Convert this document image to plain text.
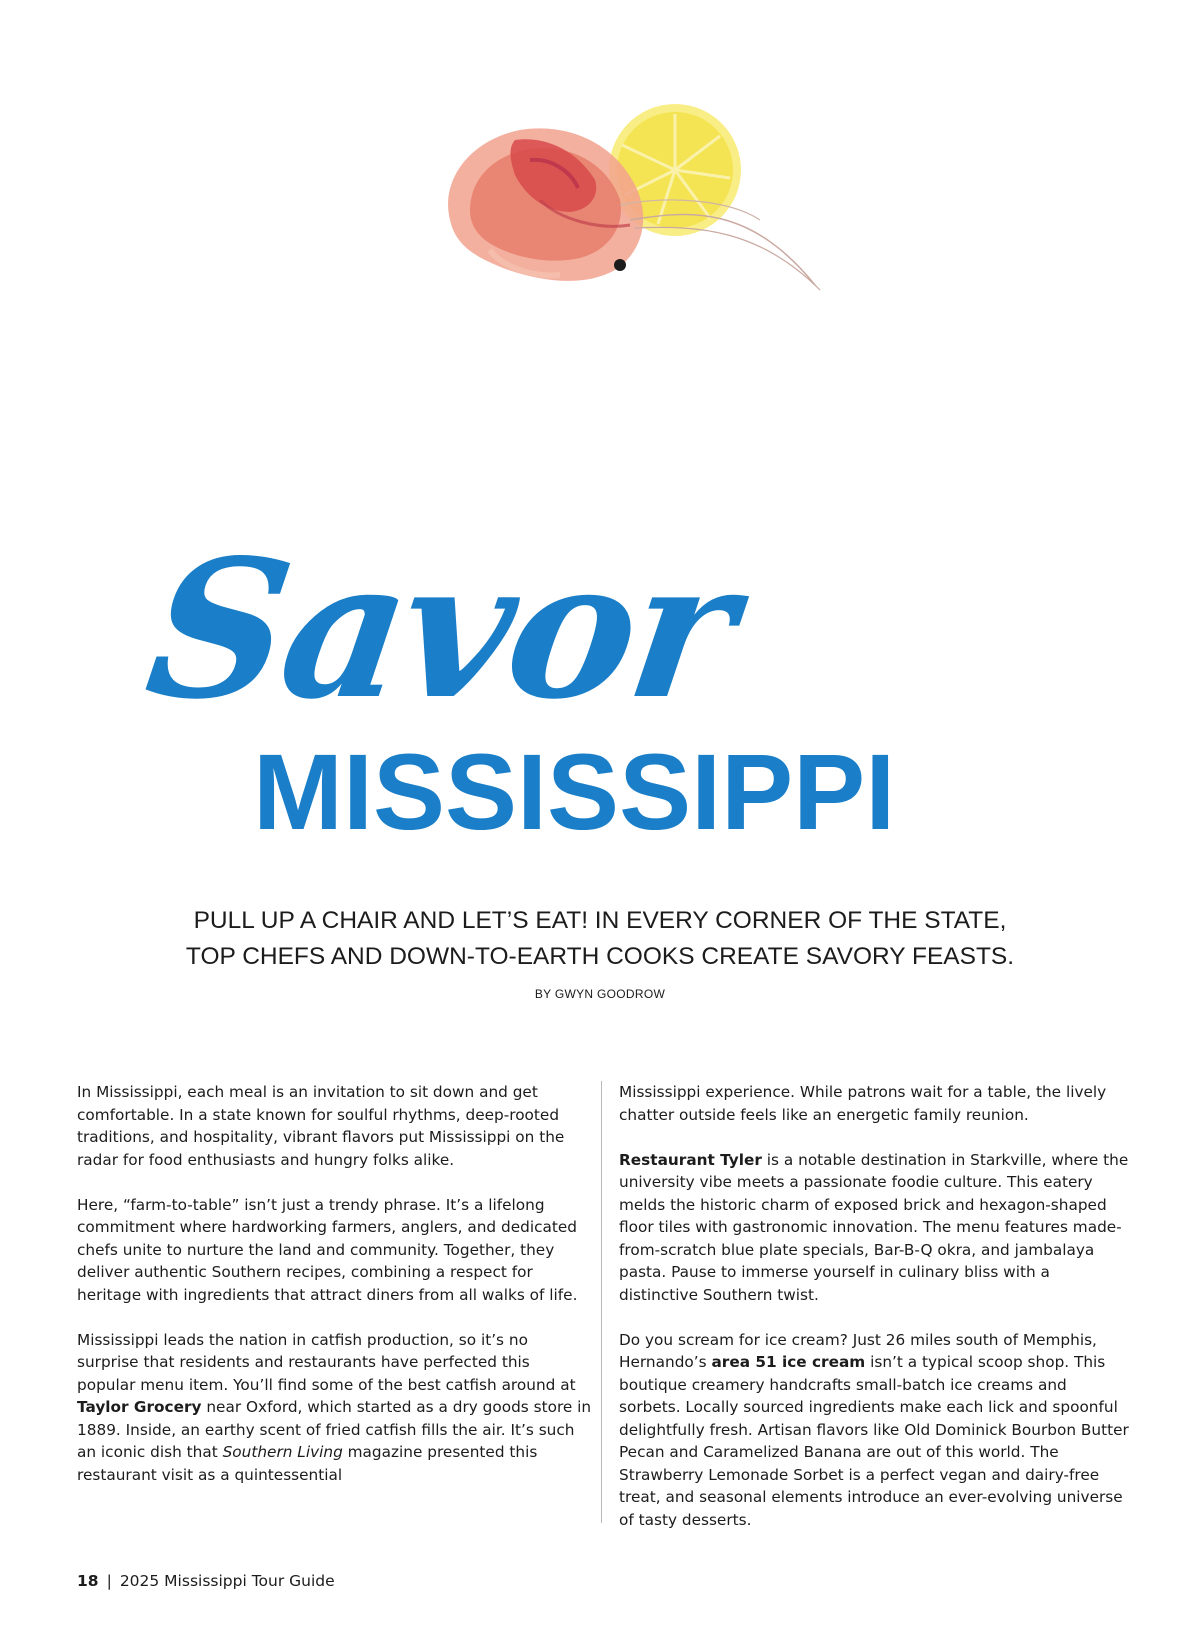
Savor
MISSISSIPPI
PULL UP A CHAIR AND LET’S EAT! IN EVERY CORNER OF THE STATE,
TOP CHEFS AND DOWN-TO-EARTH COOKS CREATE SAVORY FEASTS.
BY GWYN GOODROW

In Mississippi, each meal is an invitation to sit down and get comfortable. In a state known for soulful rhythms, deep-rooted traditions, and hospitality, vibrant flavors put Mississippi on the radar for food enthusiasts and hungry folks alike.

Here, “farm-to-table” isn’t just a trendy phrase. It’s a lifelong commitment where hardworking farmers, anglers, and dedicated chefs unite to nurture the land and community. Together, they deliver authentic Southern recipes, combining a respect for heritage with ingredients that attract diners from all walks of life.

Mississippi leads the nation in catfish production, so it’s no surprise that residents and restaurants have perfected this popular menu item. You’ll find some of the best catfish around at Taylor Grocery near Oxford, which started as a dry goods store in 1889. Inside, an earthy scent of fried catfish fills the air. It’s such an iconic dish that Southern Living magazine presented this restaurant visit as a quintessential

Mississippi experience. While patrons wait for a table, the lively chatter outside feels like an energetic family reunion.

Restaurant Tyler is a notable destination in Starkville, where the university vibe meets a passionate foodie culture. This eatery melds the historic charm of exposed brick and hexagon-shaped floor tiles with gastronomic innovation. The menu features made-from-scratch blue plate specials, Bar-B-Q okra, and jambalaya pasta. Pause to immerse yourself in culinary bliss with a distinctive Southern twist.

Do you scream for ice cream? Just 26 miles south of Memphis, Hernando’s area 51 ice cream isn’t a typical scoop shop. This boutique creamery handcrafts small-batch ice creams and sorbets. Locally sourced ingredients make each lick and spoonful delightfully fresh. Artisan flavors like Old Dominick Bourbon Butter Pecan and Caramelized Banana are out of this world. The Strawberry Lemonade Sorbet is a perfect vegan and dairy-free treat, and seasonal elements introduce an ever-evolving universe of tasty desserts.

18 | 2025 Mississippi Tour Guide
